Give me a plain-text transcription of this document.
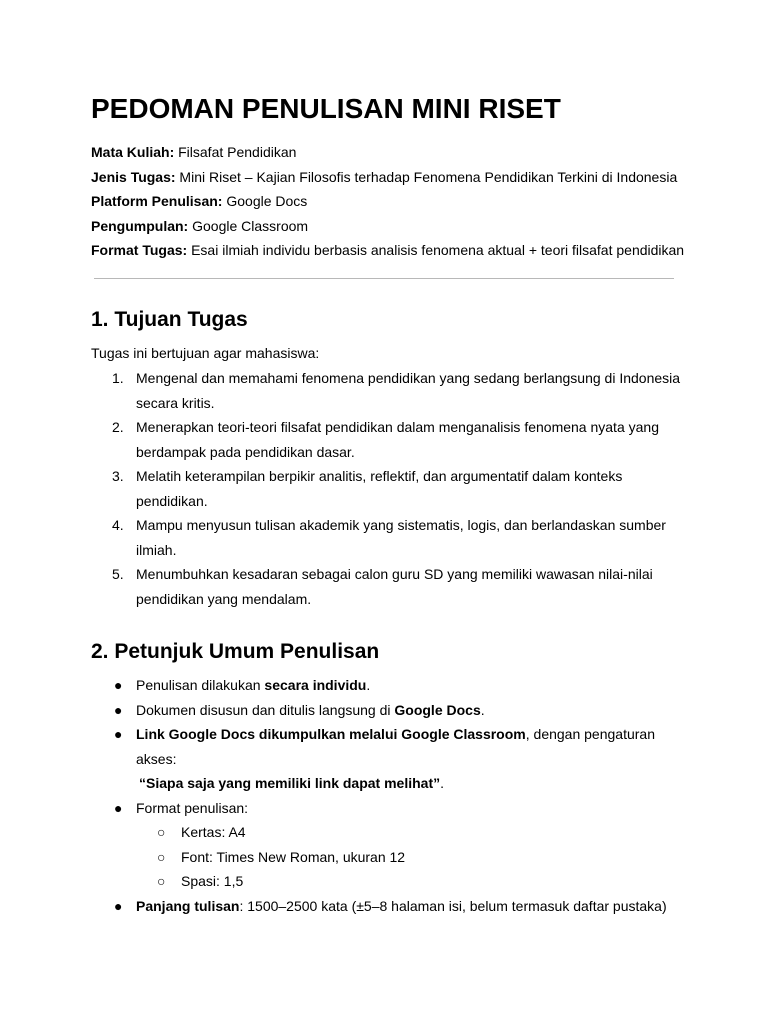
PEDOMAN PENULISAN MINI RISET
Mata Kuliah: Filsafat Pendidikan
Jenis Tugas: Mini Riset – Kajian Filosofis terhadap Fenomena Pendidikan Terkini di Indonesia
Platform Penulisan: Google Docs
Pengumpulan: Google Classroom
Format Tugas: Esai ilmiah individu berbasis analisis fenomena aktual + teori filsafat pendidikan
1. Tujuan Tugas
Tugas ini bertujuan agar mahasiswa:
1. Mengenal dan memahami fenomena pendidikan yang sedang berlangsung di Indonesia secara kritis.
2. Menerapkan teori-teori filsafat pendidikan dalam menganalisis fenomena nyata yang berdampak pada pendidikan dasar.
3. Melatih keterampilan berpikir analitis, reflektif, dan argumentatif dalam konteks pendidikan.
4. Mampu menyusun tulisan akademik yang sistematis, logis, dan berlandaskan sumber ilmiah.
5. Menumbuhkan kesadaran sebagai calon guru SD yang memiliki wawasan nilai-nilai pendidikan yang mendalam.
2. Petunjuk Umum Penulisan
● Penulisan dilakukan secara individu.
● Dokumen disusun dan ditulis langsung di Google Docs.
● Link Google Docs dikumpulkan melalui Google Classroom, dengan pengaturan akses:
“Siapa saja yang memiliki link dapat melihat”.
● Format penulisan:
○ Kertas: A4
○ Font: Times New Roman, ukuran 12
○ Spasi: 1,5
● Panjang tulisan: 1500–2500 kata (±5–8 halaman isi, belum termasuk daftar pustaka)
